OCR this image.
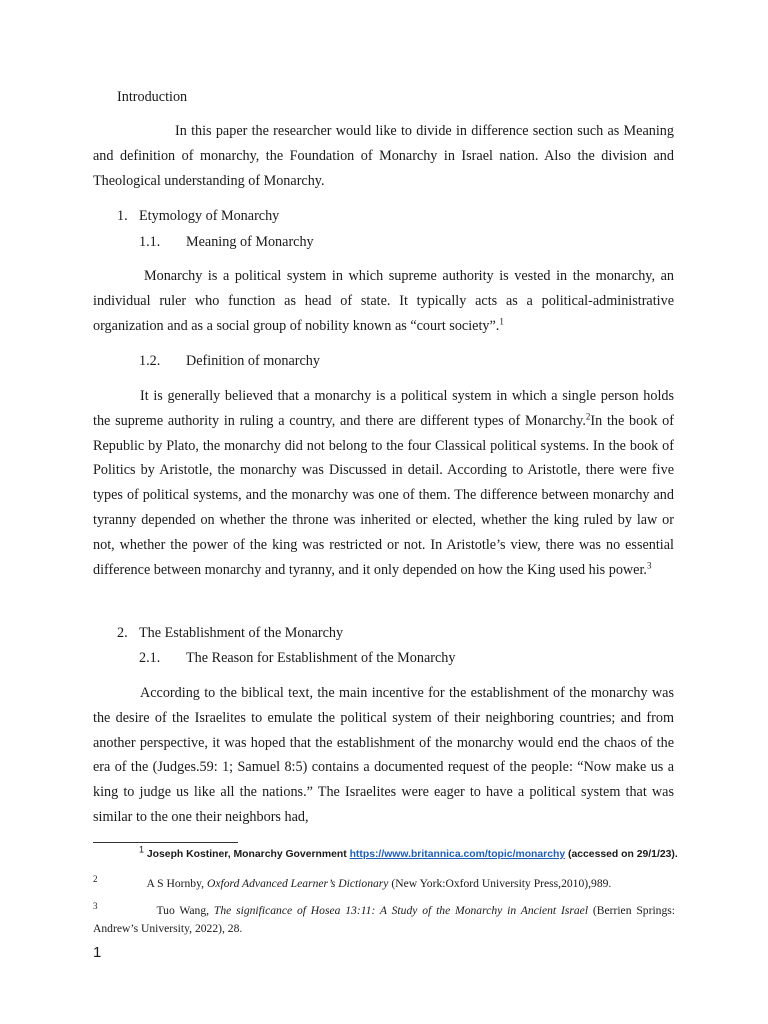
Introduction
In this paper the researcher would like to divide in difference section such as Meaning and definition of monarchy, the Foundation of Monarchy in Israel nation. Also the division and Theological understanding of Monarchy.
1. Etymology of Monarchy
1.1. Meaning of Monarchy
Monarchy is a political system in which supreme authority is vested in the monarchy, an individual ruler who function as head of state. It typically acts as a political-administrative organization and as a social group of nobility known as “court society”.$^1$
1.2. Definition of monarchy
It is generally believed that a monarchy is a political system in which a single person holds the supreme authority in ruling a country, and there are different types of Monarchy.$^2$In the book of Republic by Plato, the monarchy did not belong to the four Classical political systems. In the book of Politics by Aristotle, the monarchy was Discussed in detail. According to Aristotle, there were five types of political systems, and the monarchy was one of them. The difference between monarchy and tyranny depended on whether the throne was inherited or elected, whether the king ruled by law or not, whether the power of the king was restricted or not. In Aristotle’s view, there was no essential difference between monarchy and tyranny, and it only depended on how the King used his power.$^3$
2. The Establishment of the Monarchy
2.1. The Reason for Establishment of the Monarchy
According to the biblical text, the main incentive for the establishment of the monarchy was the desire of the Israelites to emulate the political system of their neighboring countries; and from another perspective, it was hoped that the establishment of the monarchy would end the chaos of the era of the (Judges.59: 1; Samuel 8:5) contains a documented request of the people: “Now make us a king to judge us like all the nations.” The Israelites were eager to have a political system that was similar to the one their neighbors had,
$^1$ Joseph Kostiner, Monarchy Government https://www.britannica.com/topic/monarchy (accessed on 29/1/23).
$^2$	A S Hornby, Oxford Advanced Learner’s Dictionary (New York:Oxford University Press,2010),989.
$^3$	Tuo Wang, The significance of Hosea 13:11: A Study of the Monarchy in Ancient Israel (Berrien Springs: Andrew’s University, 2022), 28.
1
